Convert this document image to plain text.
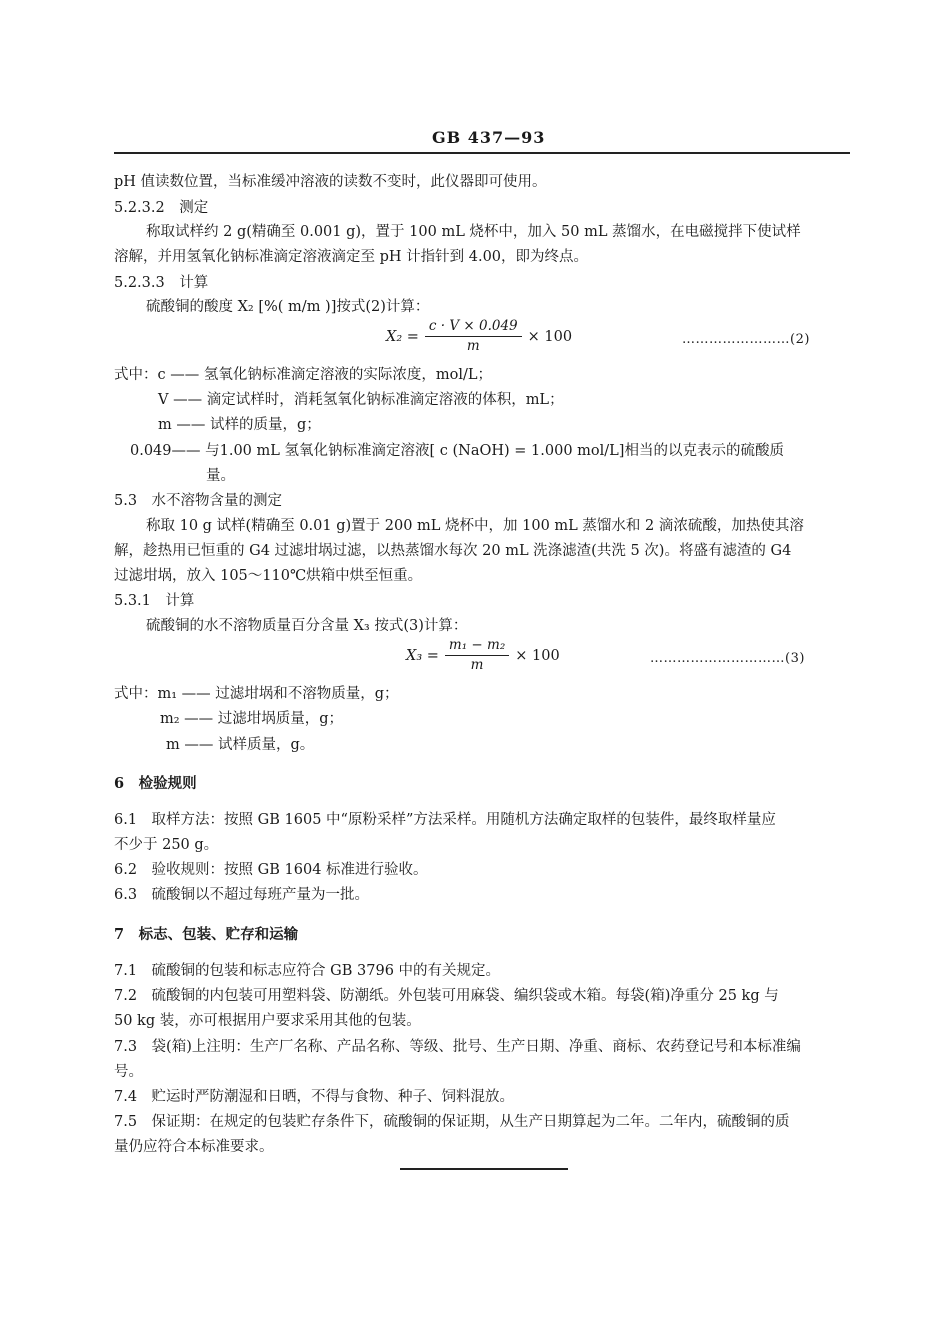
GB 437—93
pH 值读数位置，当标准缓冲溶液的读数不变时，此仪器即可使用。
5.2.3.2　测定
称取试样约 2 g(精确至 0.001 g)，置于 100 mL 烧杯中，加入 50 mL 蒸馏水，在电磁搅拌下使试样
溶解，并用氢氧化钠标准滴定溶液滴定至 pH 计指针到 4.00，即为终点。
5.2.3.3　计算
硫酸铜的酸度 X₂ [%( m/m )]按式(2)计算：
$X_2 = \frac{c \cdot V \times 0.049}{m} \times 100$	……………………(2)
式中：c —— 氢氧化钠标准滴定溶液的实际浓度，mol/L；
V —— 滴定试样时，消耗氢氧化钠标准滴定溶液的体积，mL；
m —— 试样的质量，g；
0.049—— 与1.00 mL 氢氧化钠标准滴定溶液[ c (NaOH) = 1.000 mol/L]相当的以克表示的硫酸质
量。
5.3　水不溶物含量的测定
称取 10 g 试样(精确至 0.01 g)置于 200 mL 烧杯中，加 100 mL 蒸馏水和 2 滴浓硫酸，加热使其溶
解，趁热用已恒重的 G4 过滤坩埚过滤，以热蒸馏水每次 20 mL 洗涤滤渣(共洗 5 次)。将盛有滤渣的 G4
过滤坩埚，放入 105～110℃烘箱中烘至恒重。
5.3.1　计算
硫酸铜的水不溶物质量百分含量 X₃ 按式(3)计算：
$X_3 = \frac{\text{m₁ − m₂}}{m} \times 100$	…………………………(3)
式中：m₁ —— 过滤坩埚和不溶物质量，g；
m₂ —— 过滤坩埚质量，g；
m —— 试样质量，g。
6　检验规则
6.1　取样方法：按照 GB 1605 中“原粉采样”方法采样。用随机方法确定取样的包装件，最终取样量应
不少于 250 g。
6.2　验收规则：按照 GB 1604 标准进行验收。
6.3　硫酸铜以不超过每班产量为一批。
7　标志、包装、贮存和运输
7.1　硫酸铜的包装和标志应符合 GB 3796 中的有关规定。
7.2　硫酸铜的内包装可用塑料袋、防潮纸。外包装可用麻袋、编织袋或木箱。每袋(箱)净重分 25 kg 与
50 kg 装，亦可根据用户要求采用其他的包装。
7.3　袋(箱)上注明：生产厂名称、产品名称、等级、批号、生产日期、净重、商标、农药登记号和本标准编
号。
7.4　贮运时严防潮湿和日晒，不得与食物、种子、饲料混放。
7.5　保证期：在规定的包装贮存条件下，硫酸铜的保证期，从生产日期算起为二年。二年内，硫酸铜的质
量仍应符合本标准要求。
